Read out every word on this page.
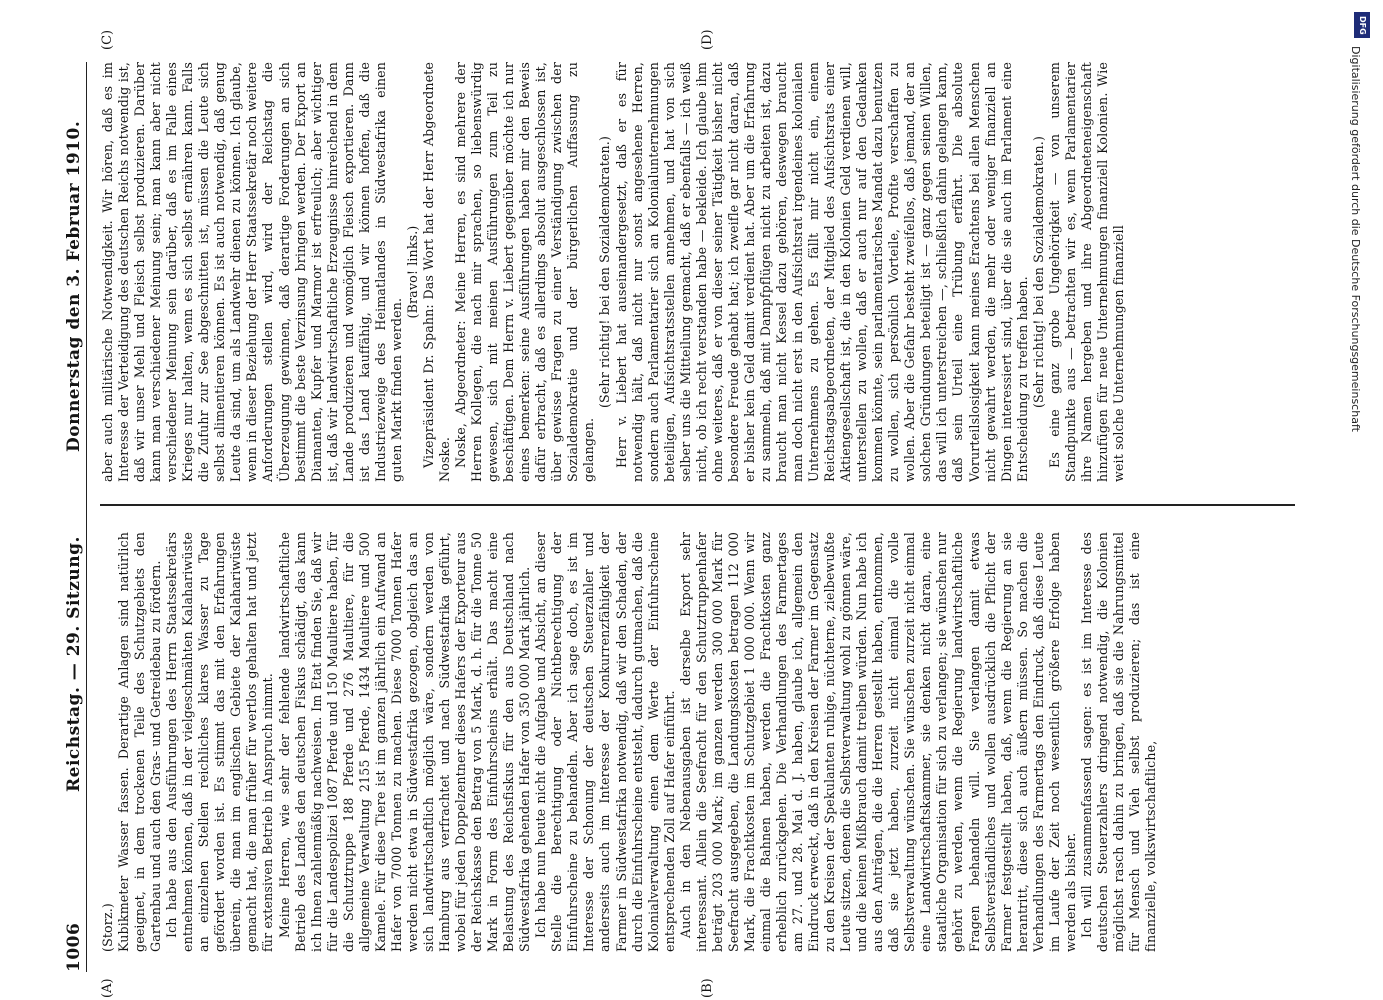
1006
Reichstag. — 29. Sitzung.
Donnerstag den 3. Februar 1910.
(A)	(B)
(C)	(D)

(Storz.) Kubikmeter Wasser fassen. Derartige Anlagen sind natürlich geeignet, in dem trockenen Teile des Schutzgebiets den Gartenbau und auch den Gras- und Getreidebau zu fördern. Ich habe aus den Ausführungen des Herrn Staatssekretärs entnehmen können, daß in der vielgeschmähten Kalahariwüste an einzelnen Stellen reichliches klares Wasser zu Tage gefördert worden ist. Es stimmt das mit den Erfahrungen überein, die man im englischen Gebiete der Kalahariwüste gemacht hat, die man früher für wertlos gehalten hat und jetzt für extensiven Betrieb in Anspruch nimmt. Meine Herren, wie sehr der fehlende landwirtschaftliche Betrieb des Landes den deutschen Fiskus schädigt, das kann ich Ihnen zahlenmäßig nachweisen. Im Etat finden Sie, daß wir für die Landespolizei 1087 Pferde und 150 Maultiere haben, für die Schutztruppe 188 Pferde und 276 Maultiere, für die allgemeine Verwaltung 2155 Pferde, 1434 Maultiere und 500 Kamele. Für diese Tiere ist im ganzen jährlich ein Aufwand an Hafer von 7000 Tonnen zu machen. Diese 7000 Tonnen Hafer werden nicht etwa in Südwestafrika gezogen, obgleich das an sich landwirtschaftlich möglich wäre, sondern werden von Hamburg aus verfrachtet und nach Südwestafrika geführt, wobei für jeden Doppelzentner dieses Hafers der Exporteur aus der Reichskasse den Betrag von 5 Mark, d. h. für die Tonne 50 Mark in Form des Einfuhrscheins erhält. Das macht eine Belastung des Reichsfiskus für den aus Deutschland nach Südwestafrika gehenden Hafer von 350 000 Mark jährlich. Ich habe nun heute nicht die Aufgabe und Absicht, an dieser Stelle die Berechtigung oder Nichtberechtigung der Einfuhrscheine zu behandeln. Aber ich sage doch, es ist im Interesse der Schonung der deutschen Steuerzahler und anderseits auch im Interesse der Konkurrenzfähigkeit der Farmer in Südwestafrika notwendig, daß wir den Schaden, der durch die Einfuhrscheine entsteht, dadurch gutmachen, daß die Kolonialverwaltung einen dem Werte der Einfuhrscheine entsprechenden Zoll auf Hafer einführt. Auch in den Nebenausgaben ist derselbe Export sehr interessant. Allein die Seefracht für den Schutztruppenhafer beträgt 203 000 Mark; im ganzen werden 300 000 Mark für Seefracht ausgegeben, die Landungskosten betragen 112 000 Mark, die Frachtkosten im Schutzgebiet 1 000 000. Wenn wir einmal die Bahnen haben, werden die Frachtkosten ganz erheblich zurückgehen. Die Verhandlungen des Farmertages am 27. und 28. Mai d. J. haben, glaube ich, allgemein den Eindruck erweckt, daß in den Kreisen der Farmer im Gegensatz zu den Kreisen der Spekulanten ruhige, nüchterne, zielbewußte Leute sitzen, denen die Selbstverwaltung wohl zu gönnen wäre, und die keinen Mißbrauch damit treiben würden. Nun habe ich aus den Anträgen, die die Herren gestellt haben, entnommen, daß sie jetzt haben, zurzeit nicht einmal die volle Selbstverwaltung wünschen. Sie wünschen zurzeit nicht einmal eine Landwirtschaftskammer, sie denken nicht daran, eine staatliche Organisation für sich zu verlangen; sie wünschen nur gehört zu werden, wenn die Regierung landwirtschaftliche Fragen behandeln will. Sie verlangen damit etwas Selbstverständliches und wollen ausdrücklich die Pflicht der Farmer festgestellt haben, daß, wenn die Regierung an sie herantritt, diese sich auch äußern müssen. So machen die Verhandlungen des Farmertags den Eindruck, daß diese Leute im Laufe der Zeit noch wesentlich größere Erfolge haben werden als bisher. Ich will zusammenfassend sagen: es ist im Interesse des deutschen Steuerzahlers dringend notwendig, die Kolonien möglichst rasch dahin zu bringen, daß sie die Nahrungsmittel für Mensch und Vieh selbst produzieren; das ist eine finanzielle, volkswirtschaftliche,

aber auch militärische Notwendigkeit. Wir hören, daß es im Interesse der Verteidigung des deutschen Reichs notwendig ist, daß wir unser Mehl und Fleisch selbst produzieren. Darüber kann man verschiedener Meinung sein; man kann aber nicht verschiedener Meinung sein darüber, daß es im Falle eines Krieges nur halten, wenn es sich selbst ernähren kann. Falls die Zufuhr zur See abgeschnitten ist, müssen die Leute sich selbst alimentieren können. Es ist auch notwendig, daß genug Leute da sind, um als Landwehr dienen zu können. Ich glaube, wenn in dieser Beziehung der Herr Staatssekretär noch weitere Anforderungen stellen wird, wird der Reichstag die Überzeugung gewinnen, daß derartige Forderungen an sich bestimmt die beste Verzinsung bringen werden. Der Export an Diamanten, Kupfer und Marmor ist erfreulich; aber wichtiger ist, daß wir landwirtschaftliche Erzeugnisse hinreichend in dem Lande produzieren und womöglich Fleisch exportieren. Dann ist das Land kauffähig, und wir können hoffen, daß die Industriezweige des Heimatlandes in Südwestafrika einen guten Markt finden werden.

(Bravo! links.) Vizepräsident Dr. Spahn: Das Wort hat der Herr Abgeordnete Noske. Noske, Abgeordneter: Meine Herren, es sind mehrere der Herren Kollegen, die nach mir sprachen, so liebenswürdig gewesen, sich mit meinen Ausführungen zum Teil zu beschäftigen. Dem Herrn v. Liebert gegenüber möchte ich nur eines bemerken: seine Ausführungen haben mir den Beweis dafür erbracht, daß es allerdings absolut ausgeschlossen ist, über gewisse Fragen zu einer Verständigung zwischen der Sozialdemokratie und der bürgerlichen Auffassung zu gelangen.

(Sehr richtig! bei den Sozialdemokraten.) Herr v. Liebert hat auseinandergesetzt, daß er es für notwendig hält, daß nicht nur sonst angesehene Herren, sondern auch Parlamentarier sich an Kolonialunternehmungen beteiligen, Aufsichtsratsstellen annehmen, und hat von sich selber uns die Mitteilung gemacht, daß er ebenfalls — ich weiß nicht, ob ich recht verstanden habe — bekleide. Ich glaube ihm ohne weiteres, daß er von dieser seiner Tätigkeit bisher nicht besondere Freude gehabt hat; ich zweifle gar nicht daran, daß er bisher kein Geld damit verdient hat. Aber um die Erfahrung zu sammeln, daß mit Dampfpflügen nicht zu arbeiten ist, dazu braucht man nicht Kessel dazu gehören, deswegen braucht man doch nicht erst in den Aufsichtsrat irgendeines kolonialen Unternehmens zu gehen. Es fällt mir nicht ein, einem Reichstagsabgeordneten, der Mitglied des Aufsichtsrats einer Aktiengesellschaft ist, die in den Kolonien Geld verdienen will, unterstellen zu wollen, daß er auch nur auf den Gedanken kommen könnte, sein parlamentarisches Mandat dazu benutzen zu wollen, sich persönlich Vorteile, Profite verschaffen zu wollen. Aber die Gefahr besteht zweifellos, daß jemand, der an solchen Gründungen beteiligt ist — ganz gegen seinen Willen, das will ich unterstreichen —, schließlich dahin gelangen kann, daß sein Urteil eine Trübung erfährt. Die absolute Vorurteilslosigkeit kann meines Erachtens bei allen Menschen nicht gewahrt werden, die mehr oder weniger finanziell an Dingen interessiert sind, über die sie auch im Parlament eine Entscheidung zu treffen haben. (Sehr richtig! bei den Sozialdemokraten.) Es eine ganz grobe Ungehörigkeit — von unserem Standpunkte aus — betrachten wir es, wenn Parlamentarier ihre Namen hergeben und ihre Abgeordneteneigenschaft hinzufügen für neue Unternehmungen finanziell Kolonien. Wie weit solche Unternehmungen finanziell

DFG
Digitalisierung gefördert durch die Deutsche Forschungsgemeinschaft
